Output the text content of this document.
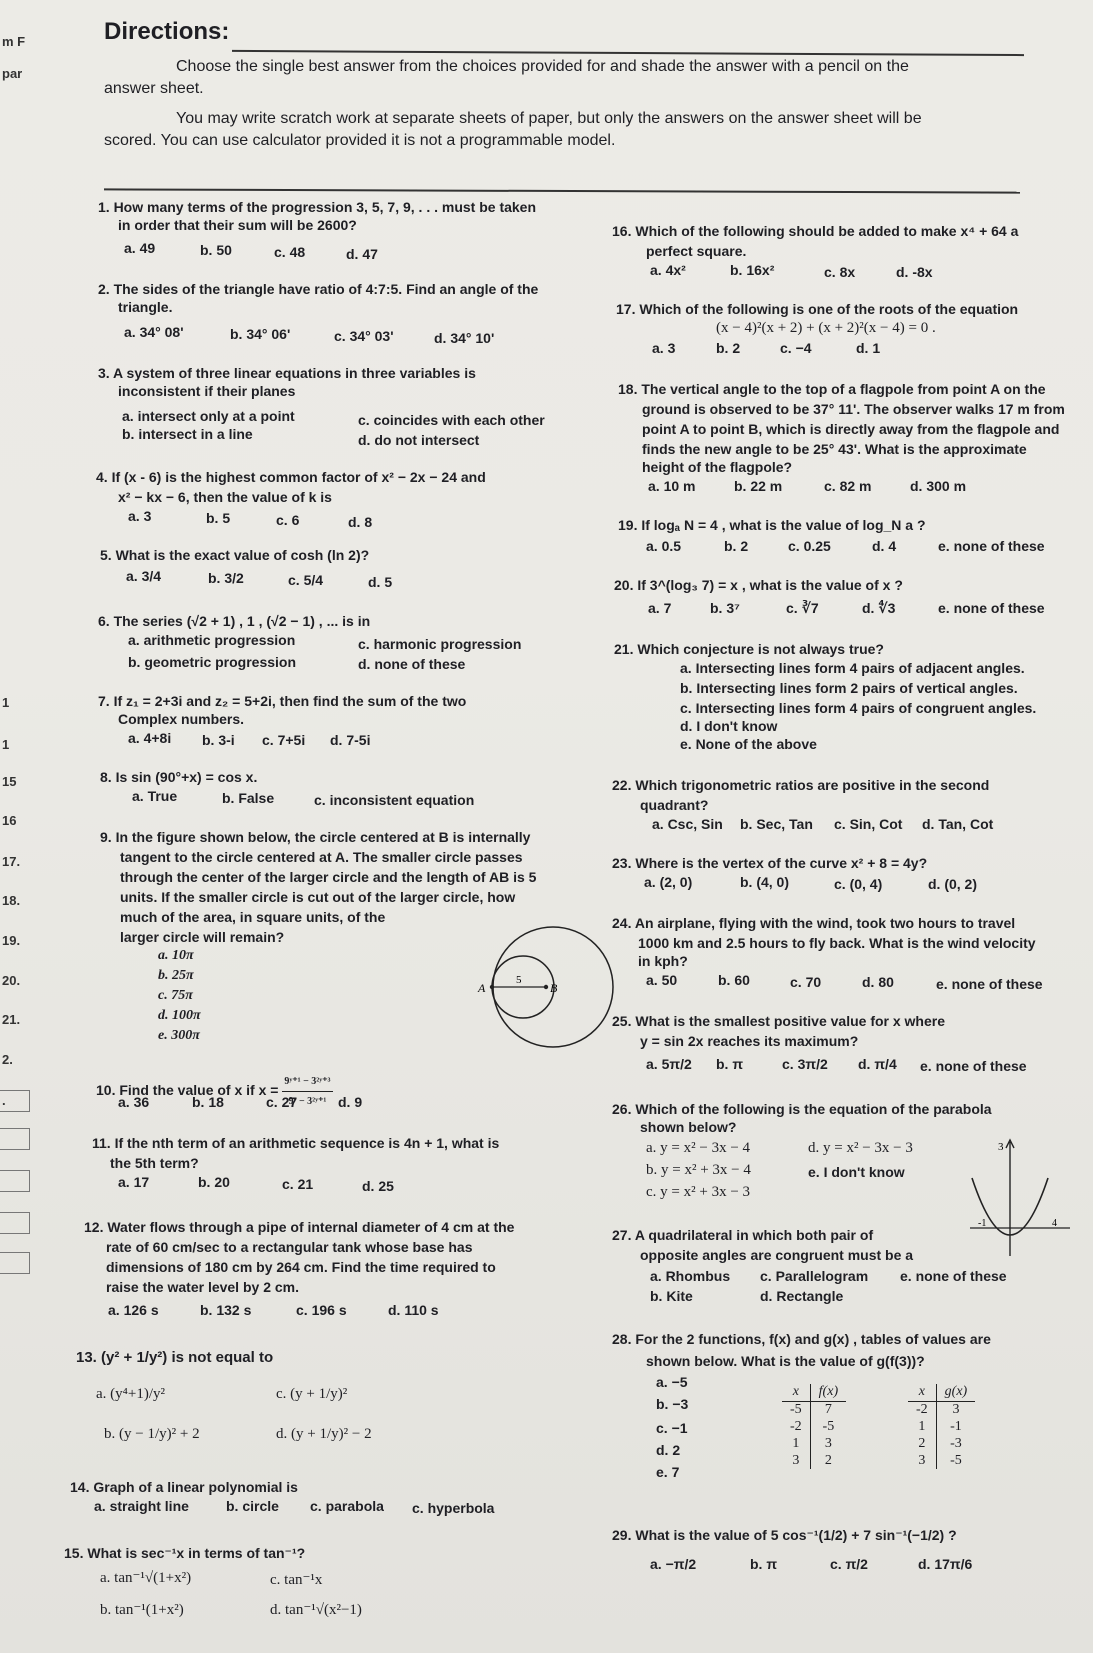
m F
par
1
1
15
16
17.
18.
19.
20.
21.
2.
.
Directions:
Choose the single best answer from the choices provided for and shade the answer with a pencil on the
answer sheet.
You may write scratch work at separate sheets of paper, but only the answers on the answer sheet will be
scored. You can use calculator provided it is not a programmable model.
1. How many terms of the progression 3, 5, 7, 9, . . . must be taken
in order that their sum will be 2600?
a. 49	b. 50	c. 48	d. 47
2. The sides of the triangle have ratio of 4:7:5. Find an angle of the
triangle.
a. 34° 08'	b. 34° 06'	c. 34° 03'	d. 34° 10'
3. A system of three linear equations in three variables is
inconsistent if their planes
a. intersect only at a point
b. intersect in a line
c. coincides with each other
d. do not intersect
4. If (x - 6) is the highest common factor of x² − 2x − 24 and
x² − kx − 6, then the value of k is
a. 3	b. 5	c. 6	d. 8
5. What is the exact value of cosh (ln 2)?
a. 3/4	b. 3/2	c. 5/4	d. 5
6. The series (√2 + 1) , 1 , (√2 − 1) , ... is in
a. arithmetic progression
b. geometric progression
c. harmonic progression
d. none of these
7. If z₁ = 2+3i and z₂ = 5+2i, then find the sum of the two
Complex numbers.
a. 4+8i b. 3-i c. 7+5i d. 7-5i
8. Is sin (90°+x) = cos x.
a. True	b. False	c. inconsistent equation
9. In the figure shown below, the circle centered at B is internally
tangent to the circle centered at A. The smaller circle passes
through the center of the larger circle and the length of AB is 5
units. If the smaller circle is cut out of the larger circle, how
much of the area, in square units, of the
larger circle will remain?
a. 10π
b. 25π
c. 75π
d. 100π
e. 300π
A	B
5
10. Find the value of x if $x = \frac{\text{9ʸ⁺¹ − 3²ʸ⁺³}}{\text{9ʸ − 3²ʸ⁺¹}}$
a. 36	b. 18	c. 27	d. 9
11. If the nth term of an arithmetic sequence is 4n + 1, what is
the 5th term?
a. 17	b. 20	c. 21	d. 25
12. Water flows through a pipe of internal diameter of 4 cm at the
rate of 60 cm/sec to a rectangular tank whose base has
dimensions of 180 cm by 264 cm. Find the time required to
raise the water level by 2 cm.
a. 126 s	b. 132 s	c. 196 s	d. 110 s
13. (y² + 1/y²) is not equal to
a. (y⁴+1)/y²
b. (y − 1/y)² + 2
c. (y + 1/y)²
d. (y + 1/y)² − 2
14. Graph of a linear polynomial is
a. straight line	b. circle c. parabola c. hyperbola
15. What is sec⁻¹x in terms of tan⁻¹?
a. tan⁻¹√(1+x²)
b. tan⁻¹(1+x²)
c. tan⁻¹x
d. tan⁻¹√(x²−1)
16. Which of the following should be added to make x⁴ + 64 a
perfect square.
a. 4x²	b. 16x²	c. 8x	d. -8x
17. Which of the following is one of the roots of the equation
(x − 4)²(x + 2) + (x + 2)²(x − 4) = 0 .
a. 3	b. 2	c. −4	d. 1
18. The vertical angle to the top of a flagpole from point A on the
ground is observed to be 37° 11'. The observer walks 17 m from
point A to point B, which is directly away from the flagpole and
finds the new angle to be 25° 43'. What is the approximate
height of the flagpole?
a. 10 m	b. 22 m	c. 82 m	d. 300 m
19. If logₐ N = 4 , what is the value of log_N a ?
a. 0.5	b. 2	c. 0.25	d. 4	e. none of these
20. If 3^(log₃ 7) = x , what is the value of x ?
a. 7	b. 3⁷	c. ∛7	d. ∜3	e. none of these
21. Which conjecture is not always true?
a. Intersecting lines form 4 pairs of adjacent angles.
b. Intersecting lines form 2 pairs of vertical angles.
c. Intersecting lines form 4 pairs of congruent angles.
d. I don't know
e. None of the above
22. Which trigonometric ratios are positive in the second
quadrant?
a. Csc, Sin b. Sec, Tan c. Sin, Cot d. Tan, Cot
23. Where is the vertex of the curve x² + 8 = 4y?
a. (2, 0)	b. (4, 0)	c. (0, 4)	d. (0, 2)
24. An airplane, flying with the wind, took two hours to travel
1000 km and 2.5 hours to fly back. What is the wind velocity
in kph?
a. 50	b. 60	c. 70	d. 80	e. none of these
25. What is the smallest positive value for x where
y = sin 2x reaches its maximum?
a. 5π/2 b. π	c. 3π/2 d. π/4 e. none of these
26. Which of the following is the equation of the parabola
shown below?
a. y = x² − 3x − 4
b. y = x² + 3x − 4
c. y = x² + 3x − 3
d. y = x² − 3x − 3
e. I don't know
3
-1	4
27. A quadrilateral in which both pair of
opposite angles are congruent must be a
a. Rhombus
b. Kite
c. Parallelogram
d. Rectangle
e. none of these
28. For the 2 functions, f(x) and g(x) , tables of values are
shown below. What is the value of g(f(3))?
a. −5
b. −3
c. −1
d. 2
e. 7
x	f(x)
-5	7
-2	-5
1	3
3	2
x	g(x)
-2	3
1	-1
2	-3
3	-5
29. What is the value of 5 cos⁻¹(1/2) + 7 sin⁻¹(−1/2) ?
a. −π/2	b. π	c. π/2	d. 17π/6
